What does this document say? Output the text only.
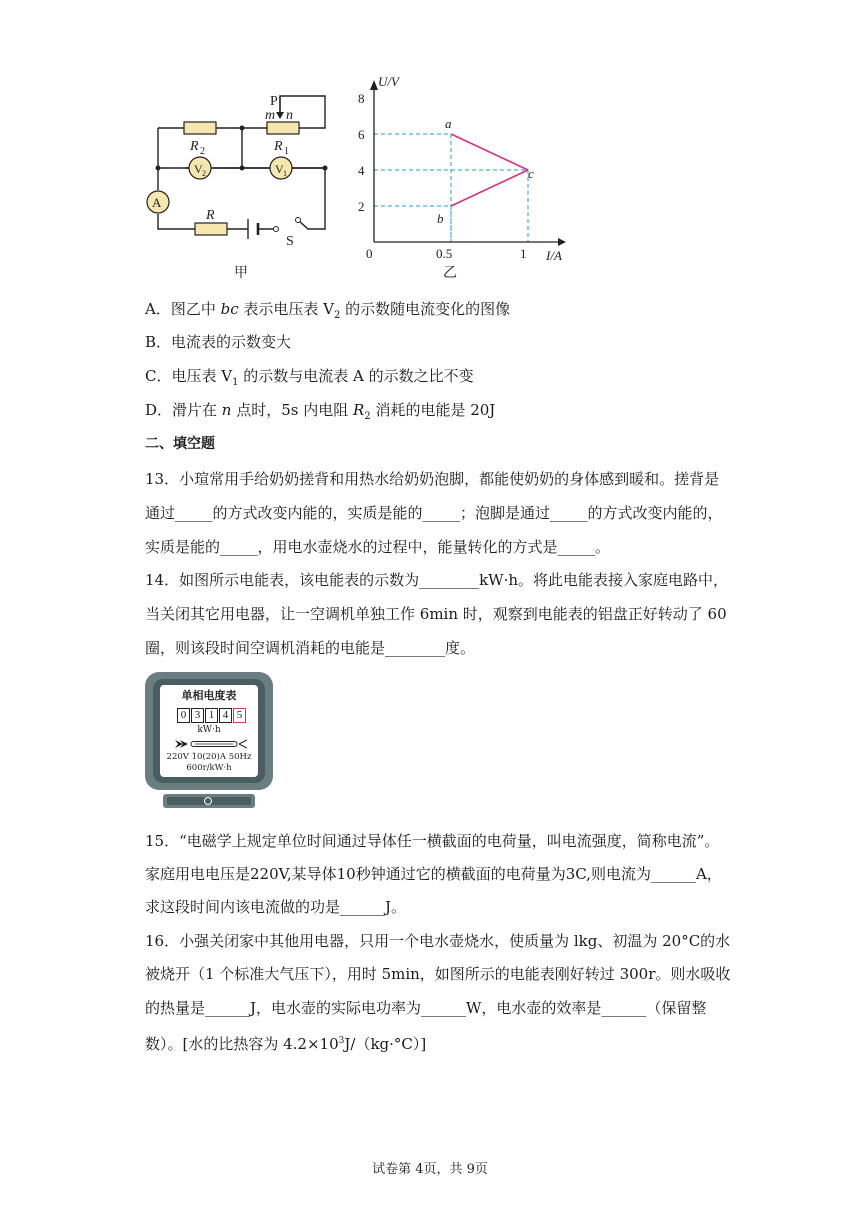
P
m n
R 2	R 1
V 2	V 1
A
R
S
甲
U/V
I/A
0
8
6
4
2
0.5	1
a
b
c
乙
A．图乙中 bc 表示电压表 $V_2$ 的示数随电流变化的图像
B．电流表的示数变大
C．电压表 $V_1$ 的示数与电流表 A 的示数之比不变
D．滑片在 n 点时，5s 内电阻 $R_2$ 消耗的电能是 20J
二、填空题
13．小瑄常用手给奶奶搓背和用热水给奶奶泡脚，都能使奶奶的身体感到暖和。搓背是
通过_____的方式改变内能的，实质是能的_____；泡脚是通过_____的方式改变内能的，
实质是能的_____，用电水壶烧水的过程中，能量转化的方式是_____。
14．如图所示电能表，该电能表的示数为________kW·h。将此电能表接入家庭电路中，
当关闭其它用电器，让一空调机单独工作 6min 时，观察到电能表的铝盘正好转动了 60
圈，则该段时间空调机消耗的电能是________度。
单相电度表
0 3 1 4 5
kW·h
220V 10(20)A 50Hz
600r/kW·h
15．“电磁学上规定单位时间通过导体任一横截面的电荷量，叫电流强度，简称电流”。
家庭用电电压是220V,某导体10秒钟通过它的横截面的电荷量为3C,则电流为______A，
求这段时间内该电流做的功是______J。
16．小强关闭家中其他用电器，只用一个电水壶烧水，使质量为 lkg、初温为 20°C的水
被烧开（1 个标准大气压下），用时 5min，如图所示的电能表刚好转过 300r。则水吸收
的热量是______J，电水壶的实际电功率为______W，电水壶的效率是______（保留整
数）。[水的比热容为 $4.2\times 10^3J/(kg\cdot^\circ C)$]
试卷第 4页，共 9页
